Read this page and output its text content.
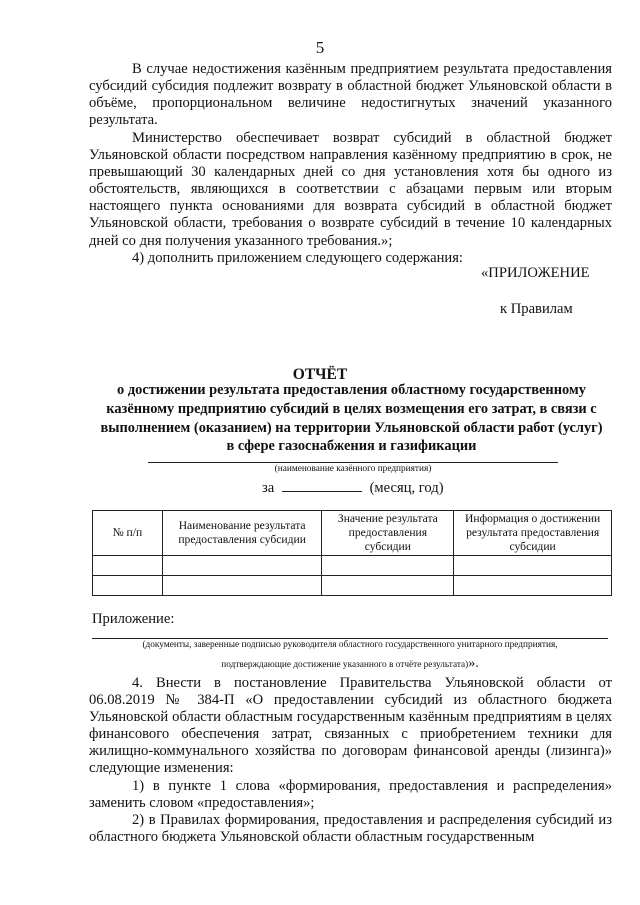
5

В случае недостижения казённым предприятием результата предоставления субсидий субсидия подлежит возврату в областной бюджет Ульяновской области в объёме, пропорциональном величине недостигнутых значений указанного результата.

Министерство обеспечивает возврат субсидий в областной бюджет Ульяновской области посредством направления казённому предприятию в срок, не превышающий 30 календарных дней со дня установления хотя бы одного из обстоятельств, являющихся в соответствии с абзацами первым или вторым настоящего пункта основаниями для возврата субсидий в областной бюджет Ульяновской области, требования о возврате субсидий в течение 10 календарных дней со дня получения указанного требования.»;

4) дополнить приложением следующего содержания:

«ПРИЛОЖЕНИЕ
к Правилам
ОТЧЁТ
о достижении результата предоставления областному государственному казённому предприятию субсидий в целях возмещения его затрат, в связи с выполнением (оказанием) на территории Ульяновской области работ (услуг) в сфере газоснабжения и газификации
(наименование казённого предприятия)
за	(месяц, год)
№ п/п	Наименование результата предоставления субсидии	Значение результата предоставления субсидии	Информация о достижении результата предоставления субсидии

Приложение:
(документы, заверенные подписью руководителя областного государственного унитарного предприятия,
подтверждающие достижение указанного в отчёте результата)».

4. Внести в постановление Правительства Ульяновской области от 06.08.2019 № 384-П «О предоставлении субсидий из областного бюджета Ульяновской области областным государственным казённым предприятиям в целях финансового обеспечения затрат, связанных с приобретением техники для жилищно-коммунального хозяйства по договорам финансовой аренды (лизинга)» следующие изменения:

1) в пункте 1 слова «формирования, предоставления и распределения» заменить словом «предоставления»;

2) в Правилах формирования, предоставления и распределения субсидий из областного бюджета Ульяновской области областным государственным
